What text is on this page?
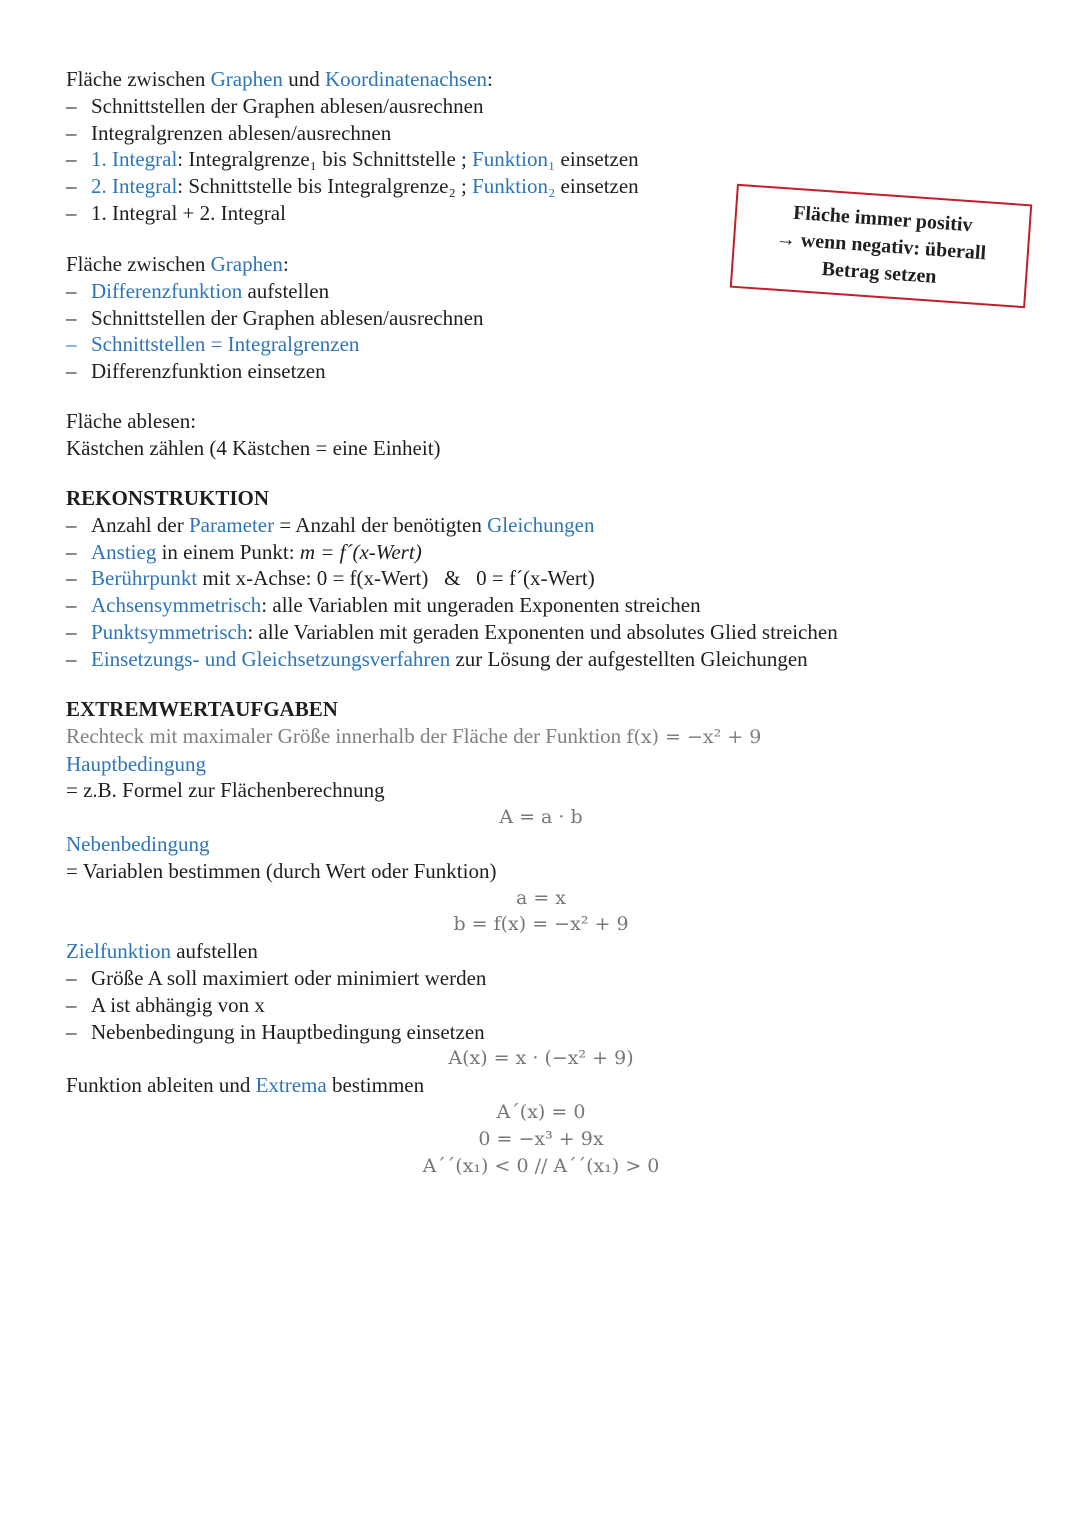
Fläche zwischen Graphen und Koordinatenachsen:
– Schnittstellen der Graphen ablesen/ausrechnen
– Integralgrenzen ablesen/ausrechnen
– 1. Integral: Integralgrenze₁ bis Schnittstelle ; Funktion₁ einsetzen
– 2. Integral: Schnittstelle bis Integralgrenze₂ ; Funktion₂ einsetzen
– 1. Integral + 2. Integral	Fläche immer positiv
→ wenn negativ: überall
Betrag setzen
Fläche zwischen Graphen:
– Differenzfunktion aufstellen
– Schnittstellen der Graphen ablesen/ausrechnen
– Schnittstellen = Integralgrenzen
– Differenzfunktion einsetzen
Fläche ablesen:
Kästchen zählen (4 Kästchen = eine Einheit)
REKONSTRUKTION
– Anzahl der Parameter = Anzahl der benötigten Gleichungen
– Anstieg in einem Punkt: m = f´(x-Wert)
– Berührpunkt mit x-Achse: 0 = f(x-Wert)   &   0 = f´(x-Wert)
– Achsensymmetrisch: alle Variablen mit ungeraden Exponenten streichen
– Punktsymmetrisch: alle Variablen mit geraden Exponenten und absolutes Glied streichen
– Einsetzungs- und Gleichsetzungsverfahren zur Lösung der aufgestellten Gleichungen
EXTREMWERTAUFGABEN
Rechteck mit maximaler Größe innerhalb der Fläche der Funktion f(x) = −x² + 9
Hauptbedingung
= z.B. Formel zur Flächenberechnung
A = a · b
Nebenbedingung
= Variablen bestimmen (durch Wert oder Funktion)
a = x
b = f(x) = −x² + 9
Zielfunktion aufstellen
– Größe A soll maximiert oder minimiert werden
– A ist abhängig von x
– Nebenbedingung in Hauptbedingung einsetzen
A(x) = x · (−x² + 9)
Funktion ableiten und Extrema bestimmen
A´(x) = 0
0 = −x³ + 9x
A´´(x₁) < 0 // A´´(x₁) > 0
